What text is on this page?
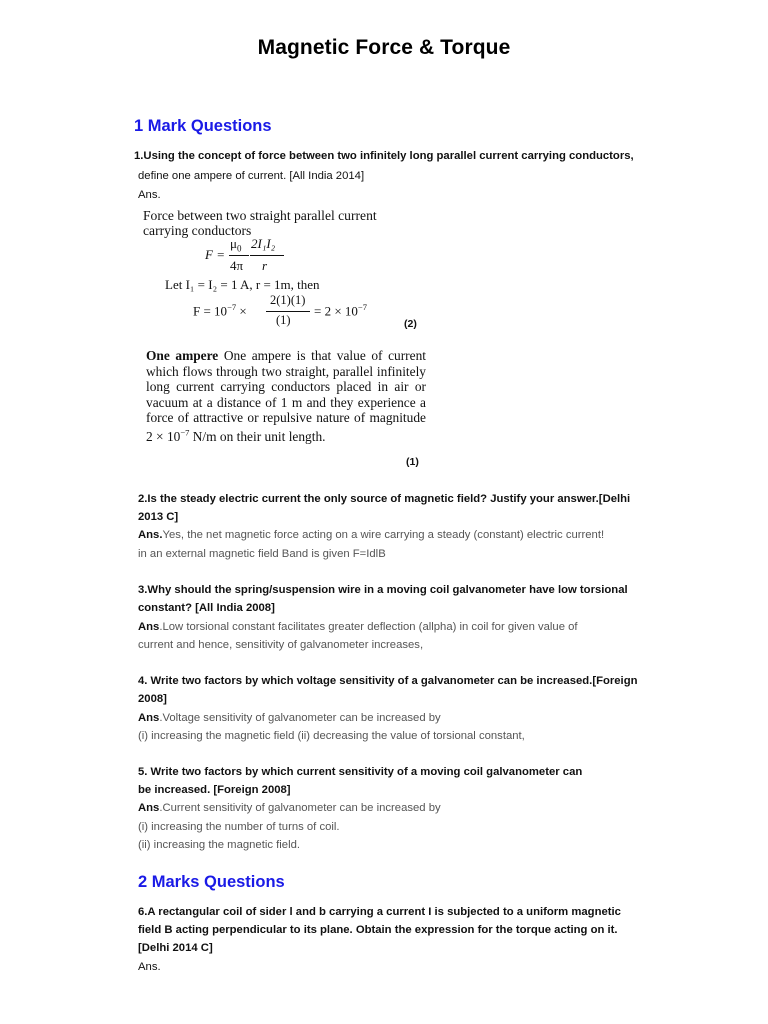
Magnetic Force & Torque
1 Mark Questions

1.Using the concept of force between two infinitely long parallel current carrying conductors,

define one ampere of current. [All India 2014]

Ans.

Force between two straight parallel current
carrying conductors
F =
$\mu_0$
4π
2I₁I₂
r
Let I₁ = I₂ = 1 A, r = 1m, then
$F = 10^{-7}$ ×
2(1)(1)
(1)
= $2 \times 10^{-7}$
(2)
One ampere One ampere is that value of current which flows through two straight, parallel infinitely long current carrying conductors placed in air or vacuum at a distance of 1 m and they experience a force of attractive or repulsive nature of magnitude $2 \times 10^{-7}$ N/m on their unit length.
(1)

2.Is the steady electric current the only source of magnetic field? Justify your answer.[Delhi

2013 C]

Ans.Yes, the net magnetic force acting on a wire carrying a steady (constant) electric current!

in an external magnetic field Band is given F=IdlB

3.Why should the spring/suspension wire in a moving coil galvanometer have low torsional

constant? [All India 2008]

Ans.Low torsional constant facilitates greater deflection (allpha) in coil for given value of

current and hence, sensitivity of galvanometer increases,

4. Write two factors by which voltage sensitivity of a galvanometer can be increased.[Foreign

2008]

Ans.Voltage sensitivity of galvanometer can be increased by

(i) increasing the magnetic field (ii) decreasing the value of torsional constant,

5. Write two factors by which current sensitivity of a moving coil galvanometer can

be increased. [Foreign 2008]

Ans.Current sensitivity of galvanometer can be increased by

(i) increasing the number of turns of coil.

(ii) increasing the magnetic field.

2 Marks Questions

6.A rectangular coil of sider l and b carrying a current I is subjected to a uniform magnetic

field B acting perpendicular to its plane. Obtain the expression for the torque acting on it.

[Delhi 2014 C]

Ans.
